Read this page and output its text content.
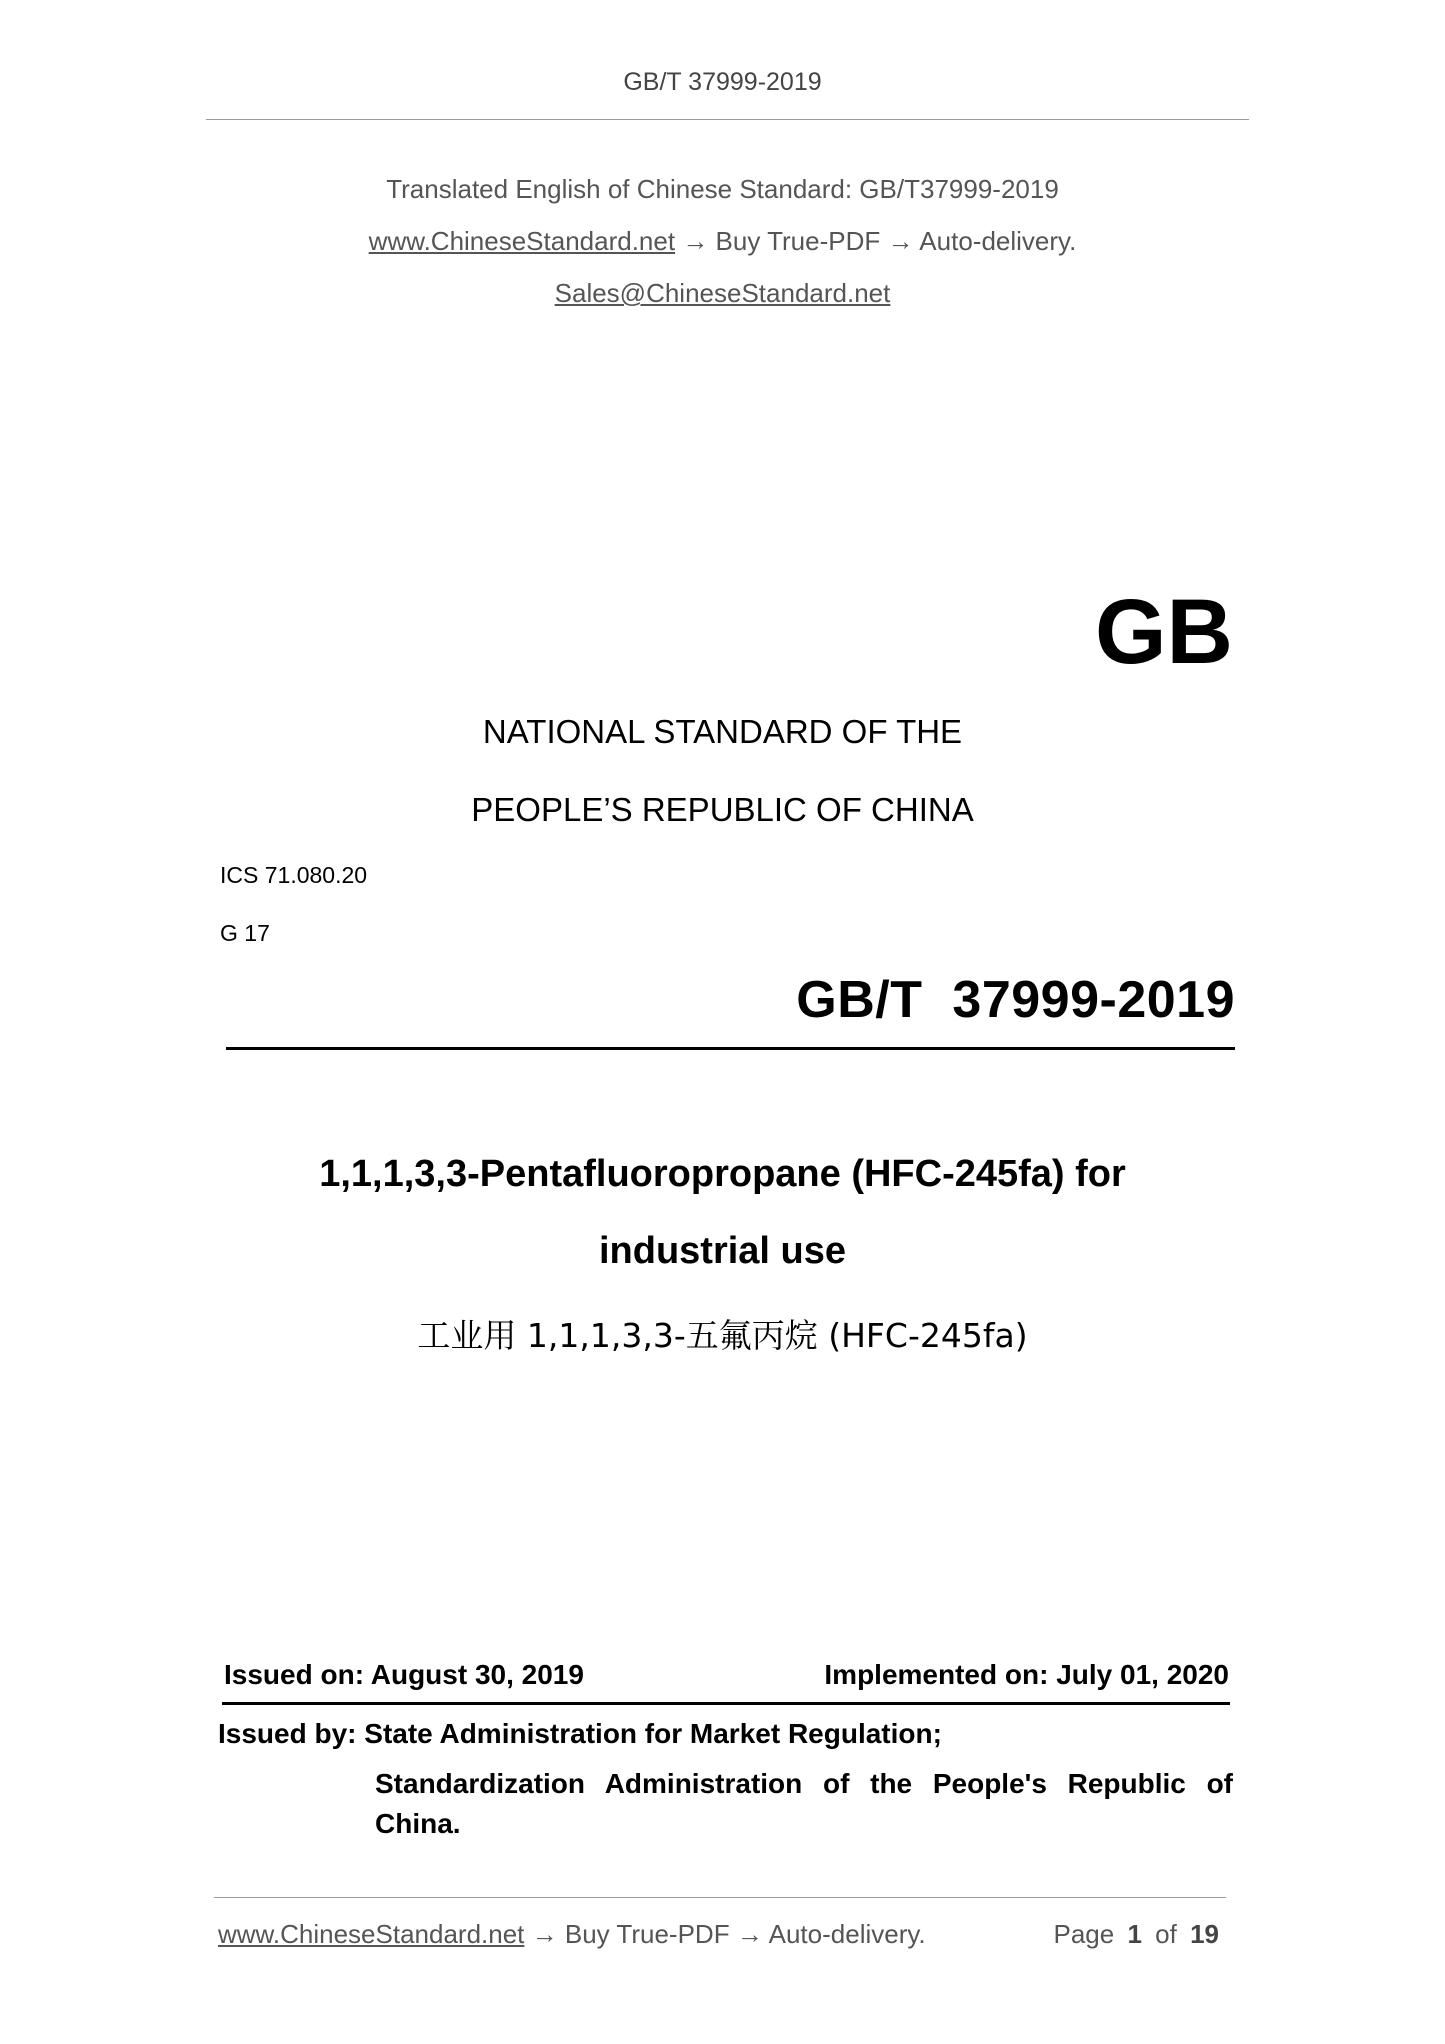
GB/T 37999-2019
Translated English of Chinese Standard: GB/T37999-2019
www.ChineseStandard.net → Buy True-PDF → Auto-delivery.
Sales@ChineseStandard.net
GB
NATIONAL STANDARD OF THE
PEOPLE’S REPUBLIC OF CHINA
ICS 71.080.20
G 17
GB/T  37999-2019
1,1,1,3,3-Pentafluoropropane (HFC-245fa) for
industrial use
工业用 1,1,1,3,3-五氟丙烷 (HFC-245fa)
Issued on: August 30, 2019	Implemented on: July 01, 2020
Issued by: State Administration for Market Regulation;
Standardization Administration of the People's Republic of China.
www.ChineseStandard.net → Buy True-PDF → Auto-delivery.	Page 1 of 19
